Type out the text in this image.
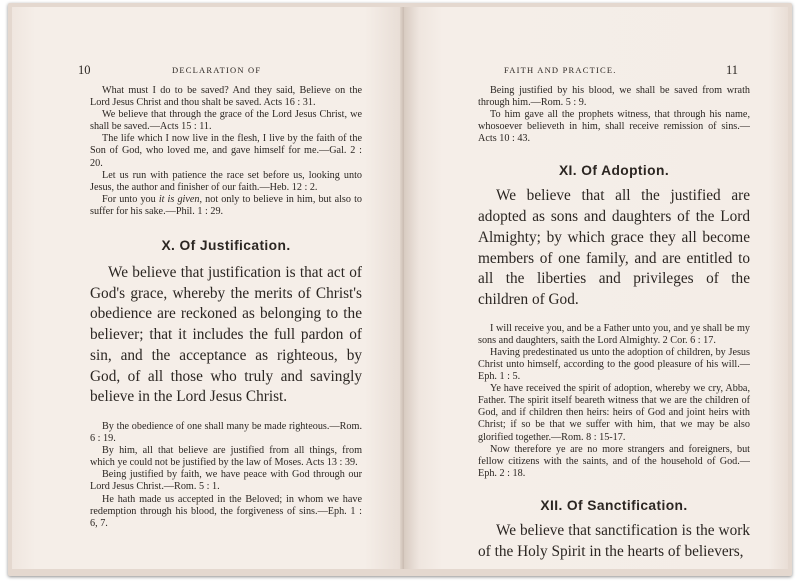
10	DECLARATION OF

What must I do to be saved? And they said, Believe on the Lord Jesus Christ and thou shalt be saved. Acts 16 : 31.

We believe that through the grace of the Lord Jesus Christ, we shall be saved.—Acts 15 : 11.

The life which I now live in the flesh, I live by the faith of the Son of God, who loved me, and gave himself for me.—Gal. 2 : 20.

Let us run with patience the race set before us, looking unto Jesus, the author and finisher of our faith.—Heb. 12 : 2.

For unto you it is given, not only to believe in him, but also to suffer for his sake.—Phil. 1 : 29.

X. Of Justification.

We believe that justification is that act of God's grace, whereby the merits of Christ's obedience are reckoned as belonging to the believer; that it includes the full pardon of sin, and the acceptance as righteous, by God, of all those who truly and savingly believe in the Lord Jesus Christ.

By the obedience of one shall many be made righteous.—Rom. 6 : 19.

By him, all that believe are justified from all things, from which ye could not be justified by the law of Moses. Acts 13 : 39.

Being justified by faith, we have peace with God through our Lord Jesus Christ.—Rom. 5 : 1.

He hath made us accepted in the Beloved; in whom we have redemption through his blood, the forgiveness of sins.—Eph. 1 : 6, 7.

FAITH AND PRACTICE.	11

Being justified by his blood, we shall be saved from wrath through him.—Rom. 5 : 9.

To him gave all the prophets witness, that through his name, whosoever believeth in him, shall receive remission of sins.—Acts 10 : 43.

XI. Of Adoption.

We believe that all the justified are adopted as sons and daughters of the Lord Almighty; by which grace they all become members of one family, and are entitled to all the liberties and privileges of the children of God.

I will receive you, and be a Father unto you, and ye shall be my sons and daughters, saith the Lord Almighty. 2 Cor. 6 : 17.

Having predestinated us unto the adoption of children, by Jesus Christ unto himself, according to the good pleasure of his will.—Eph. 1 : 5.

Ye have received the spirit of adoption, whereby we cry, Abba, Father. The spirit itself beareth witness that we are the children of God, and if children then heirs: heirs of God and joint heirs with Christ; if so be that we suffer with him, that we may be also glorified together.—Rom. 8 : 15-17.

Now therefore ye are no more strangers and foreigners, but fellow citizens with the saints, and of the household of God.—Eph. 2 : 18.

XII. Of Sanctification.

We believe that sanctification is the work of the Holy Spirit in the hearts of believers,
